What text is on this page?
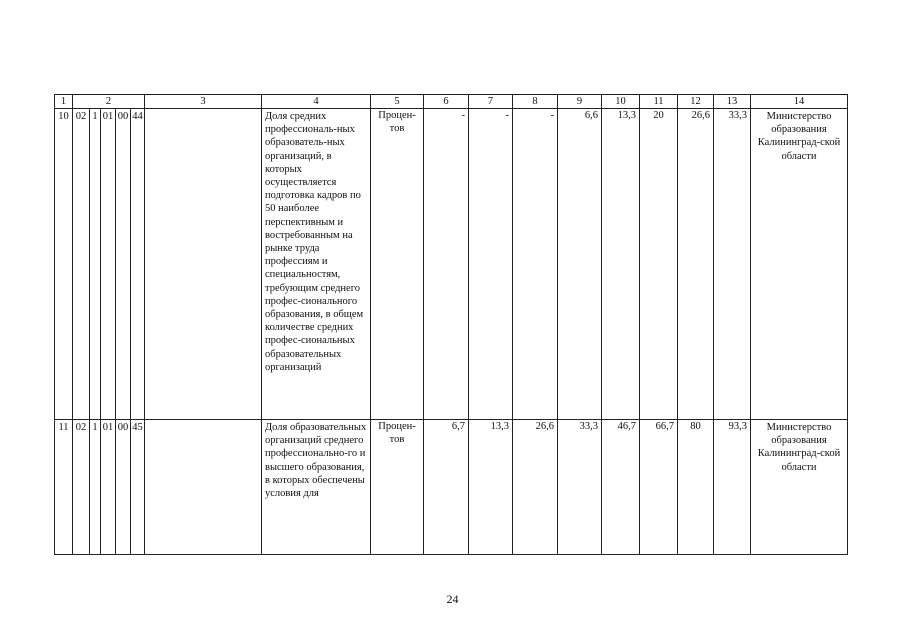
1	2					3	4	5	6	7	8	9	10	11	12	13	14
10	02	1	01	00	44		Доля средних профессиональ-ных образователь-ных организаций, в которых осуществляется подготовка кадров по 50 наиболее перспективным и востребованным на рынке труда профессиям и специальностям, требующим среднего профес-сионального образования, в общем количестве средних профес-сиональных образовательных организаций	Процен-тов	-	-	-	6,6	13,3	20	26,6	33,3	Министерство образования Калининград-ской области
11	02	1	01	00	45		Доля образовательных организаций среднего профессионально-го и высшего образования, в которых обеспечены условия для	Процен-тов	6,7	13,3	26,6	33,3	46,7	66,7	80	93,3	Министерство образования Калининград-ской области
24
